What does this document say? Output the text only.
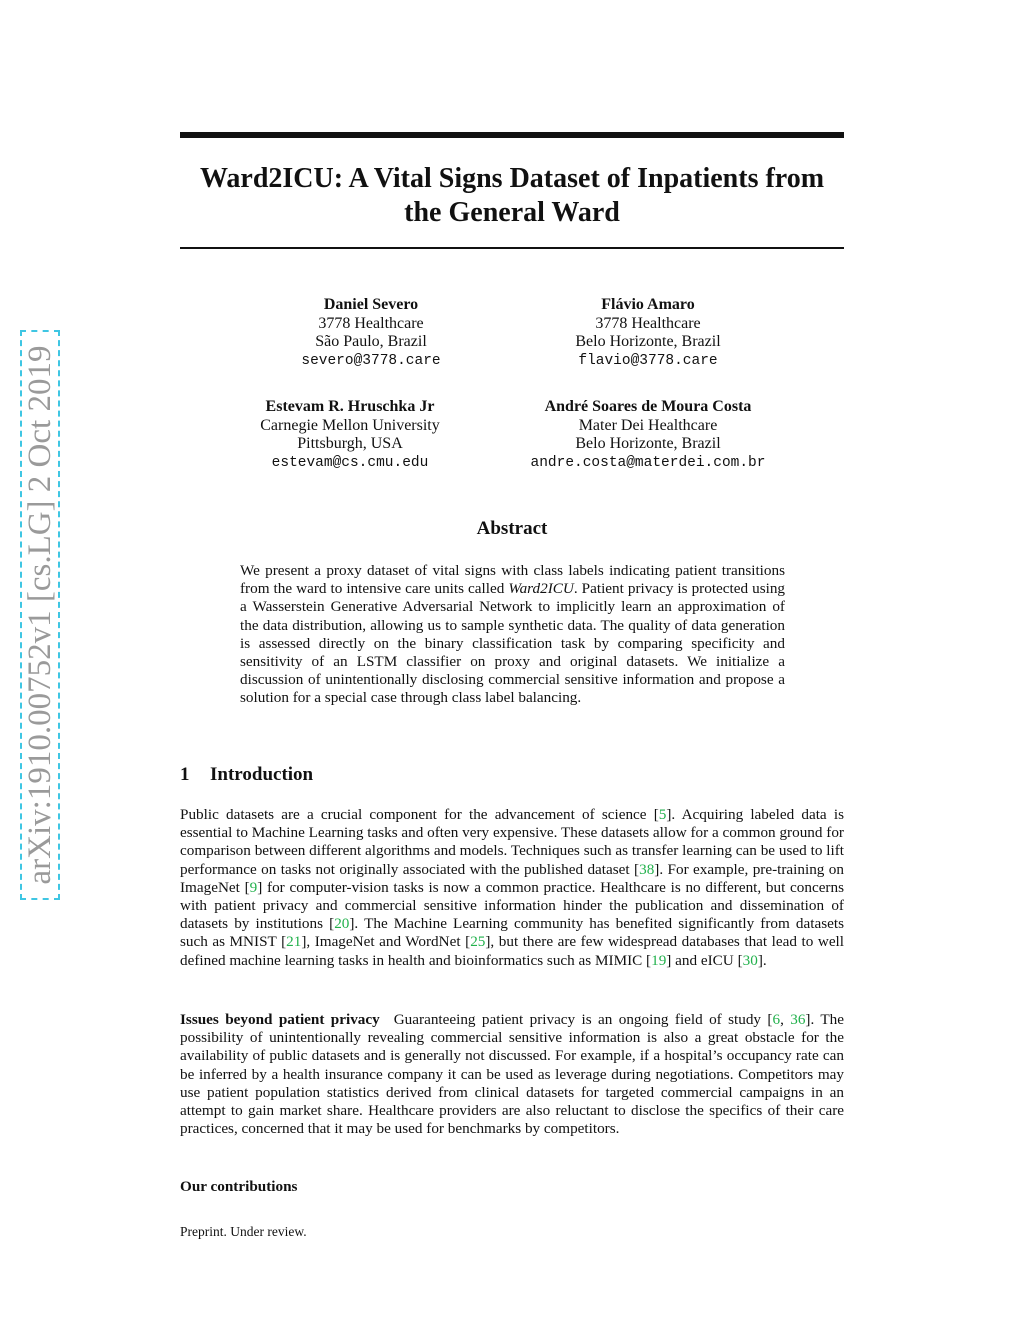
arXiv:1910.00752v1 [cs.LG] 2 Oct 2019
Ward2ICU: A Vital Signs Dataset of Inpatients from
the General Ward
Daniel Severo
3778 Healthcare
São Paulo, Brazil
severo@3778.care
Flávio Amaro
3778 Healthcare
Belo Horizonte, Brazil
flavio@3778.care
Estevam R. Hruschka Jr
Carnegie Mellon University
Pittsburgh, USA
estevam@cs.cmu.edu
André Soares de Moura Costa
Mater Dei Healthcare
Belo Horizonte, Brazil
andre.costa@materdei.com.br
Abstract

We present a proxy dataset of vital signs with class labels indicating patient transitions from the ward to intensive care units called Ward2ICU. Patient privacy is protected using a Wasserstein Generative Adversarial Network to implicitly learn an approximation of the data distribution, allowing us to sample synthetic data. The quality of data generation is assessed directly on the binary classification task by comparing specificity and sensitivity of an LSTM classifier on proxy and original datasets. We initialize a discussion of unintentionally disclosing commercial sensitive information and propose a solution for a special case through class label balancing.

1 Introduction

Public datasets are a crucial component for the advancement of science [5]. Acquiring labeled data is essential to Machine Learning tasks and often very expensive. These datasets allow for a common ground for comparison between different algorithms and models. Techniques such as transfer learning can be used to lift performance on tasks not originally associated with the published dataset [38]. For example, pre-training on ImageNet [9] for computer-vision tasks is now a common practice. Healthcare is no different, but concerns with patient privacy and commercial sensitive information hinder the publication and dissemination of datasets by institutions [20]. The Machine Learning community has benefited significantly from datasets such as MNIST [21], ImageNet and WordNet [25], but there are few widespread databases that lead to well defined machine learning tasks in health and bioinformatics such as MIMIC [19] and eICU [30].

Issues beyond patient privacy Guaranteeing patient privacy is an ongoing field of study [6, 36]. The possibility of unintentionally revealing commercial sensitive information is also a great obstacle for the availability of public datasets and is generally not discussed. For example, if a hospital’s occupancy rate can be inferred by a health insurance company it can be used as leverage during negotiations. Competitors may use patient population statistics derived from clinical datasets for targeted commercial campaigns in an attempt to gain market share. Healthcare providers are also reluctant to disclose the specifics of their care practices, concerned that it may be used for benchmarks by competitors.

Our contributions

Preprint. Under review.
